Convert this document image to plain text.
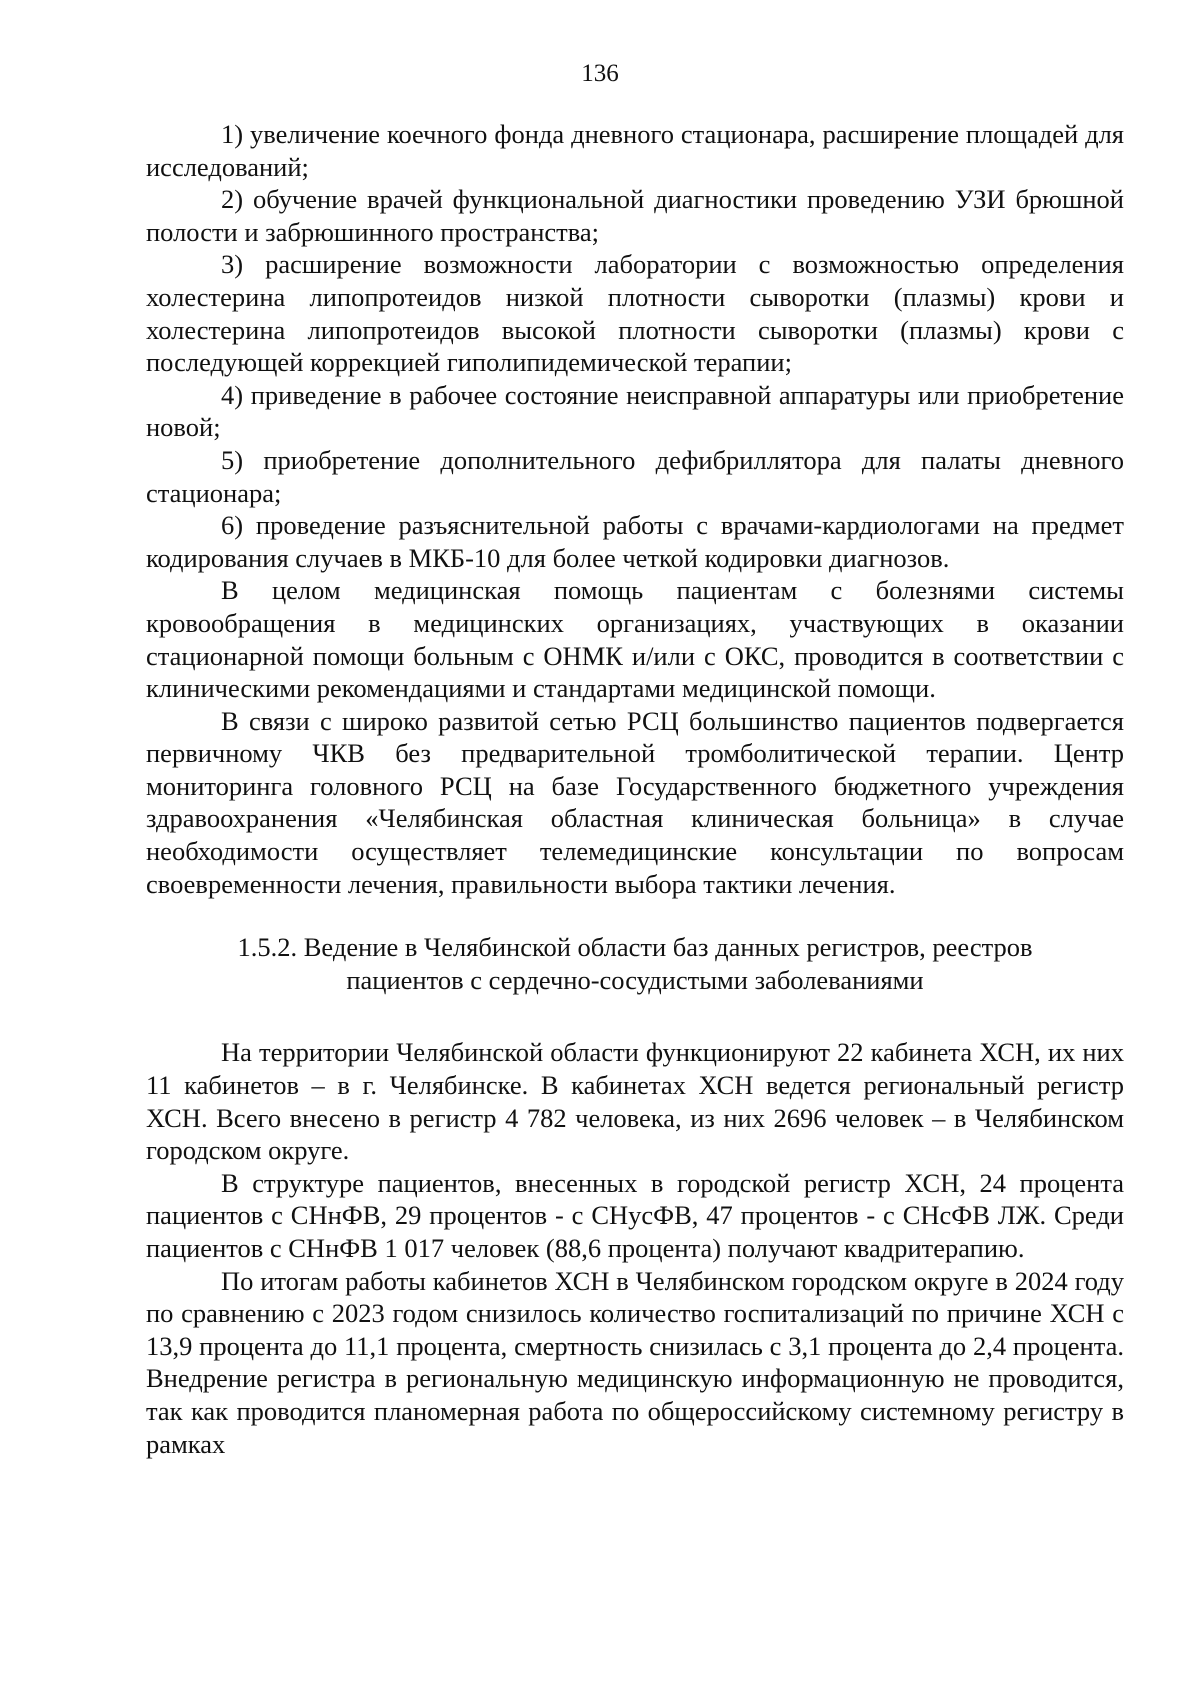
136

1) увеличение коечного фонда дневного стационара, расширение площадей для исследований;

2) обучение врачей функциональной диагностики проведению УЗИ брюшной полости и забрюшинного пространства;

3) расширение возможности лаборатории с возможностью определения холестерина липопротеидов низкой плотности сыворотки (плазмы) крови и холестерина липопротеидов высокой плотности сыворотки (плазмы) крови с последующей коррекцией гиполипидемической терапии;

4) приведение в рабочее состояние неисправной аппаратуры или приобретение новой;

5) приобретение дополнительного дефибриллятора для палаты дневного стационара;

6) проведение разъяснительной работы с врачами-кардиологами на предмет кодирования случаев в МКБ-10 для более четкой кодировки диагнозов.

В целом медицинская помощь пациентам с болезнями системы кровообращения в медицинских организациях, участвующих в оказании стационарной помощи больным с ОНМК и/или с ОКС, проводится в соответствии с клиническими рекомендациями и стандартами медицинской помощи.

В связи с широко развитой сетью РСЦ большинство пациентов подвергается первичному ЧКВ без предварительной тромболитической терапии. Центр мониторинга головного РСЦ на базе Государственного бюджетного учреждения здравоохранения «Челябинская областная клиническая больница» в случае необходимости осуществляет телемедицинские консультации по вопросам своевременности лечения, правильности выбора тактики лечения.

1.5.2. Ведение в Челябинской области баз данных регистров, реестров
пациентов с сердечно-сосудистыми заболеваниями

На территории Челябинской области функционируют 22 кабинета ХСН, их них 11 кабинетов – в г. Челябинске. В кабинетах ХСН ведется региональный регистр ХСН. Всего внесено в регистр 4 782 человека, из них 2696 человек – в Челябинском городском округе.

В структуре пациентов, внесенных в городской регистр ХСН, 24 процента пациентов с СНнФВ, 29 процентов - с СНусФВ, 47 процентов - с СНсФВ ЛЖ. Среди пациентов с СНнФВ 1 017 человек (88,6 процента) получают квадритерапию.

По итогам работы кабинетов ХСН в Челябинском городском округе в 2024 году по сравнению с 2023 годом снизилось количество госпитализаций по причине ХСН с 13,9 процента до 11,1 процента, смертность снизилась с 3,1 процента до 2,4 процента. Внедрение регистра в региональную медицинскую информационную не проводится, так как проводится планомерная работа по общероссийскому системному регистру в рамках
